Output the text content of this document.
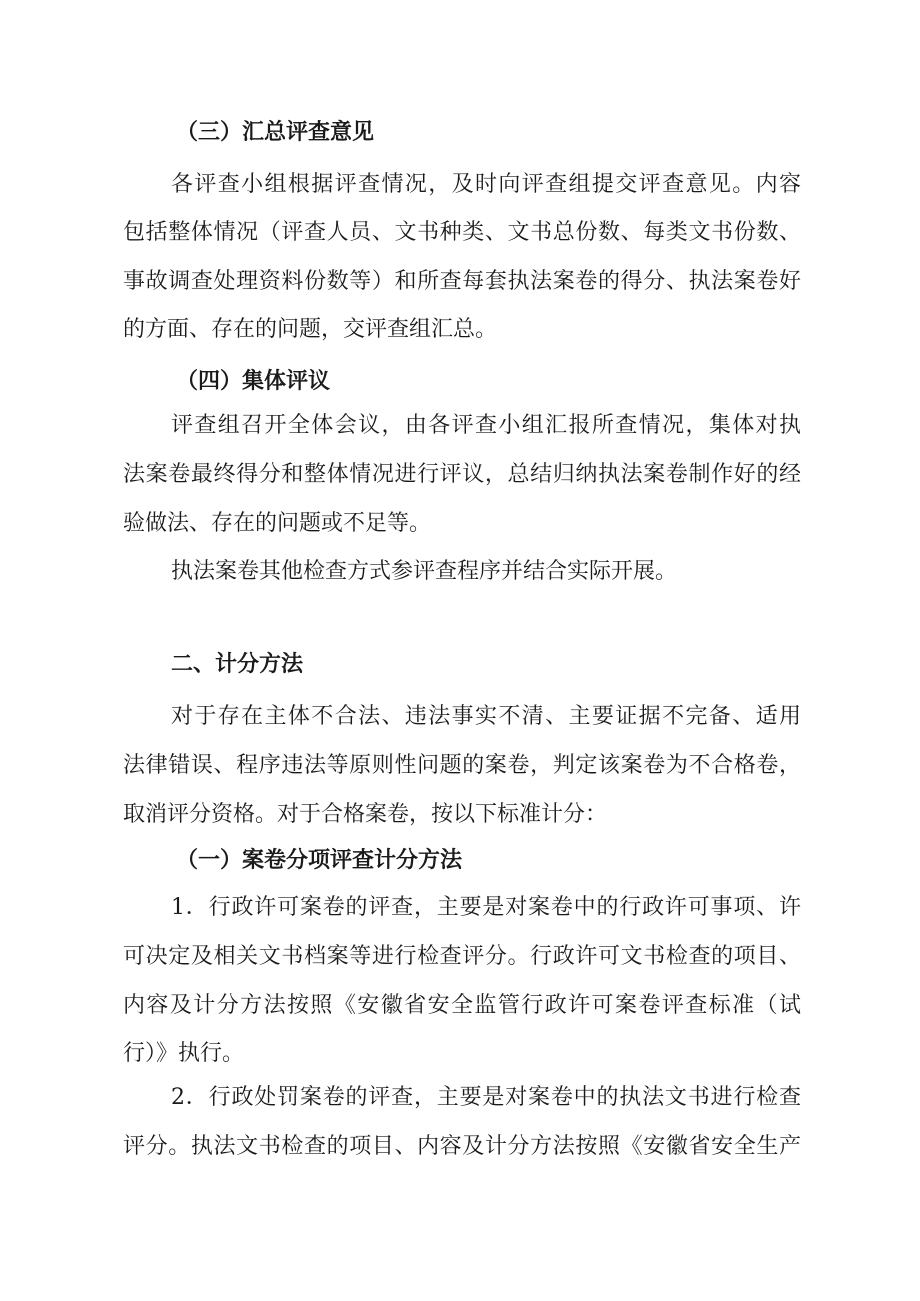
（三）汇总评查意见
各评查小组根据评查情况，及时向评查组提交评查意见。内容
包括整体情况（评查人员、文书种类、文书总份数、每类文书份数、
事故调查处理资料份数等）和所查每套执法案卷的得分、执法案卷好
的方面、存在的问题，交评查组汇总。
（四）集体评议
评查组召开全体会议，由各评查小组汇报所查情况，集体对执
法案卷最终得分和整体情况进行评议，总结归纳执法案卷制作好的经
验做法、存在的问题或不足等。
执法案卷其他检查方式参评查程序并结合实际开展。
二、计分方法
对于存在主体不合法、违法事实不清、主要证据不完备、适用
法律错误、程序违法等原则性问题的案卷，判定该案卷为不合格卷，
取消评分资格。对于合格案卷，按以下标准计分：
（一）案卷分项评查计分方法
1．行政许可案卷的评查，主要是对案卷中的行政许可事项、许
可决定及相关文书档案等进行检查评分。行政许可文书检查的项目、
内容及计分方法按照《安徽省安全监管行政许可案卷评查标准（试
行）》执行。
2．行政处罚案卷的评查，主要是对案卷中的执法文书进行检查
评分。执法文书检查的项目、内容及计分方法按照《安徽省安全生产
